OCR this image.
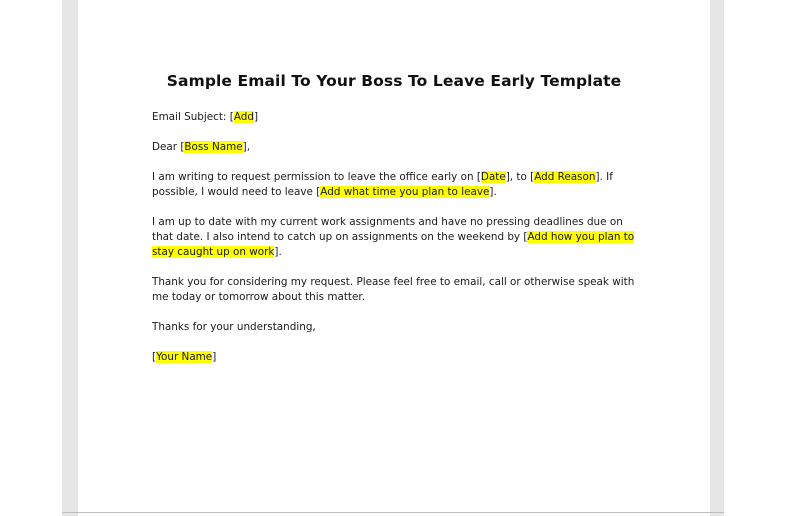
Sample Email To Your Boss To Leave Early Template

Email Subject: [Add]

Dear [Boss Name],

I am writing to request permission to leave the office early on [Date], to [Add Reason]. If possible, I would need to leave [Add what time you plan to leave].

I am up to date with my current work assignments and have no pressing deadlines due on that date. I also intend to catch up on assignments on the weekend by [Add how you plan to stay caught up on work].

Thank you for considering my request. Please feel free to email, call or otherwise speak with me today or tomorrow about this matter.

Thanks for your understanding,

[Your Name]
